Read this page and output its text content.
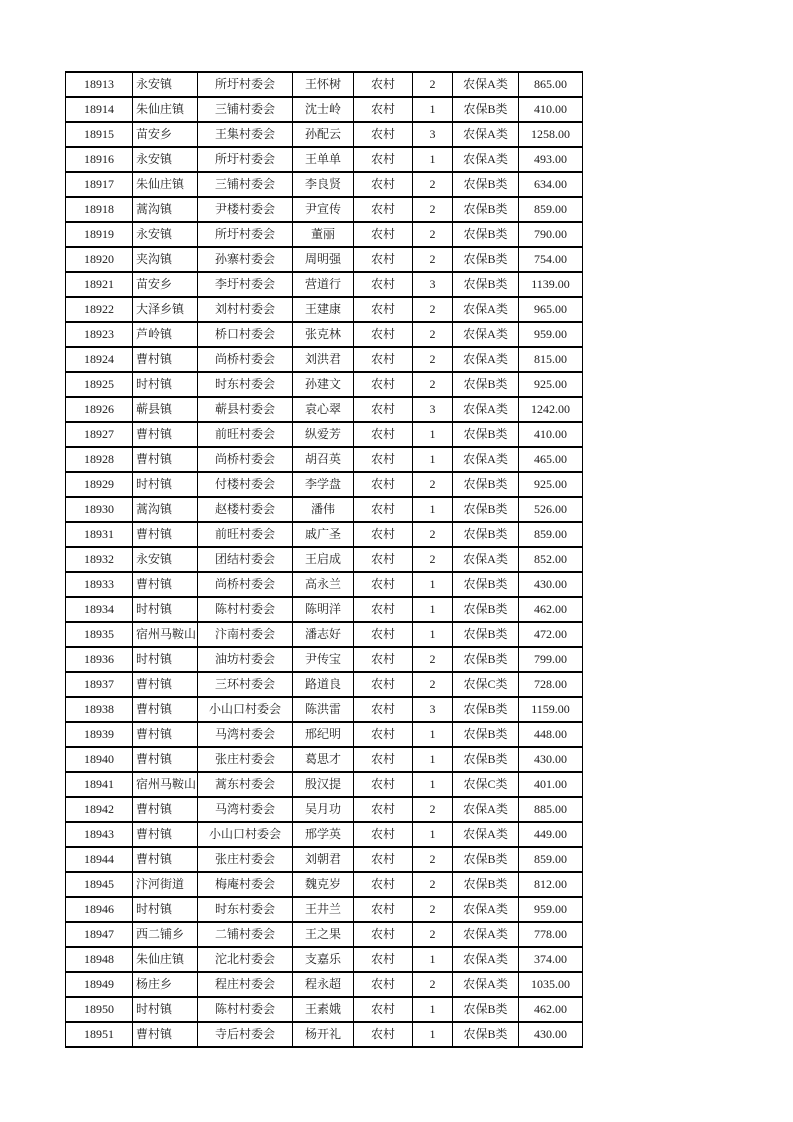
18913	永安镇	所圩村委会	王怀树	农村	2	农保A类	865.00
18914	朱仙庄镇	三铺村委会	沈士岭	农村	1	农保B类	410.00
18915	苗安乡	王集村委会	孙配云	农村	3	农保A类	1258.00
18916	永安镇	所圩村委会	王单单	农村	1	农保A类	493.00
18917	朱仙庄镇	三铺村委会	李良贤	农村	2	农保B类	634.00
18918	蒿沟镇	尹楼村委会	尹宣传	农村	2	农保B类	859.00
18919	永安镇	所圩村委会	董丽	农村	2	农保B类	790.00
18920	夹沟镇	孙寨村委会	周明强	农村	2	农保B类	754.00
18921	苗安乡	李圩村委会	营道行	农村	3	农保B类	1139.00
18922	大泽乡镇	刘村村委会	王建康	农村	2	农保A类	965.00
18923	芦岭镇	桥口村委会	张克林	农村	2	农保A类	959.00
18924	曹村镇	尚桥村委会	刘洪君	农村	2	农保A类	815.00
18925	时村镇	时东村委会	孙建文	农村	2	农保B类	925.00
18926	蕲县镇	蕲县村委会	袁心翠	农村	3	农保A类	1242.00
18927	曹村镇	前旺村委会	纵爱芳	农村	1	农保B类	410.00
18928	曹村镇	尚桥村委会	胡召英	农村	1	农保A类	465.00
18929	时村镇	付楼村委会	李学盘	农村	2	农保B类	925.00
18930	蒿沟镇	赵楼村委会	潘伟	农村	1	农保B类	526.00
18931	曹村镇	前旺村委会	戚广圣	农村	2	农保B类	859.00
18932	永安镇	团结村委会	王启成	农村	2	农保A类	852.00
18933	曹村镇	尚桥村委会	高永兰	农村	1	农保B类	430.00
18934	时村镇	陈村村委会	陈明洋	农村	1	农保B类	462.00
18935	宿州马鞍山	汴南村委会	潘志好	农村	1	农保B类	472.00
18936	时村镇	油坊村委会	尹传宝	农村	2	农保B类	799.00
18937	曹村镇	三环村委会	路道良	农村	2	农保C类	728.00
18938	曹村镇	小山口村委会	陈洪雷	农村	3	农保B类	1159.00
18939	曹村镇	马湾村委会	邢纪明	农村	1	农保B类	448.00
18940	曹村镇	张庄村委会	葛思才	农村	1	农保B类	430.00
18941	宿州马鞍山	蒿东村委会	殷汉提	农村	1	农保C类	401.00
18942	曹村镇	马湾村委会	吴月功	农村	2	农保A类	885.00
18943	曹村镇	小山口村委会	邢学英	农村	1	农保A类	449.00
18944	曹村镇	张庄村委会	刘朝君	农村	2	农保B类	859.00
18945	汴河街道	梅庵村委会	魏克岁	农村	2	农保B类	812.00
18946	时村镇	时东村委会	王井兰	农村	2	农保A类	959.00
18947	西二铺乡	二铺村委会	王之果	农村	2	农保A类	778.00
18948	朱仙庄镇	沱北村委会	支嘉乐	农村	1	农保A类	374.00
18949	杨庄乡	程庄村委会	程永超	农村	2	农保A类	1035.00
18950	时村镇	陈村村委会	王素娥	农村	1	农保B类	462.00
18951	曹村镇	寺后村委会	杨开礼	农村	1	农保B类	430.00
